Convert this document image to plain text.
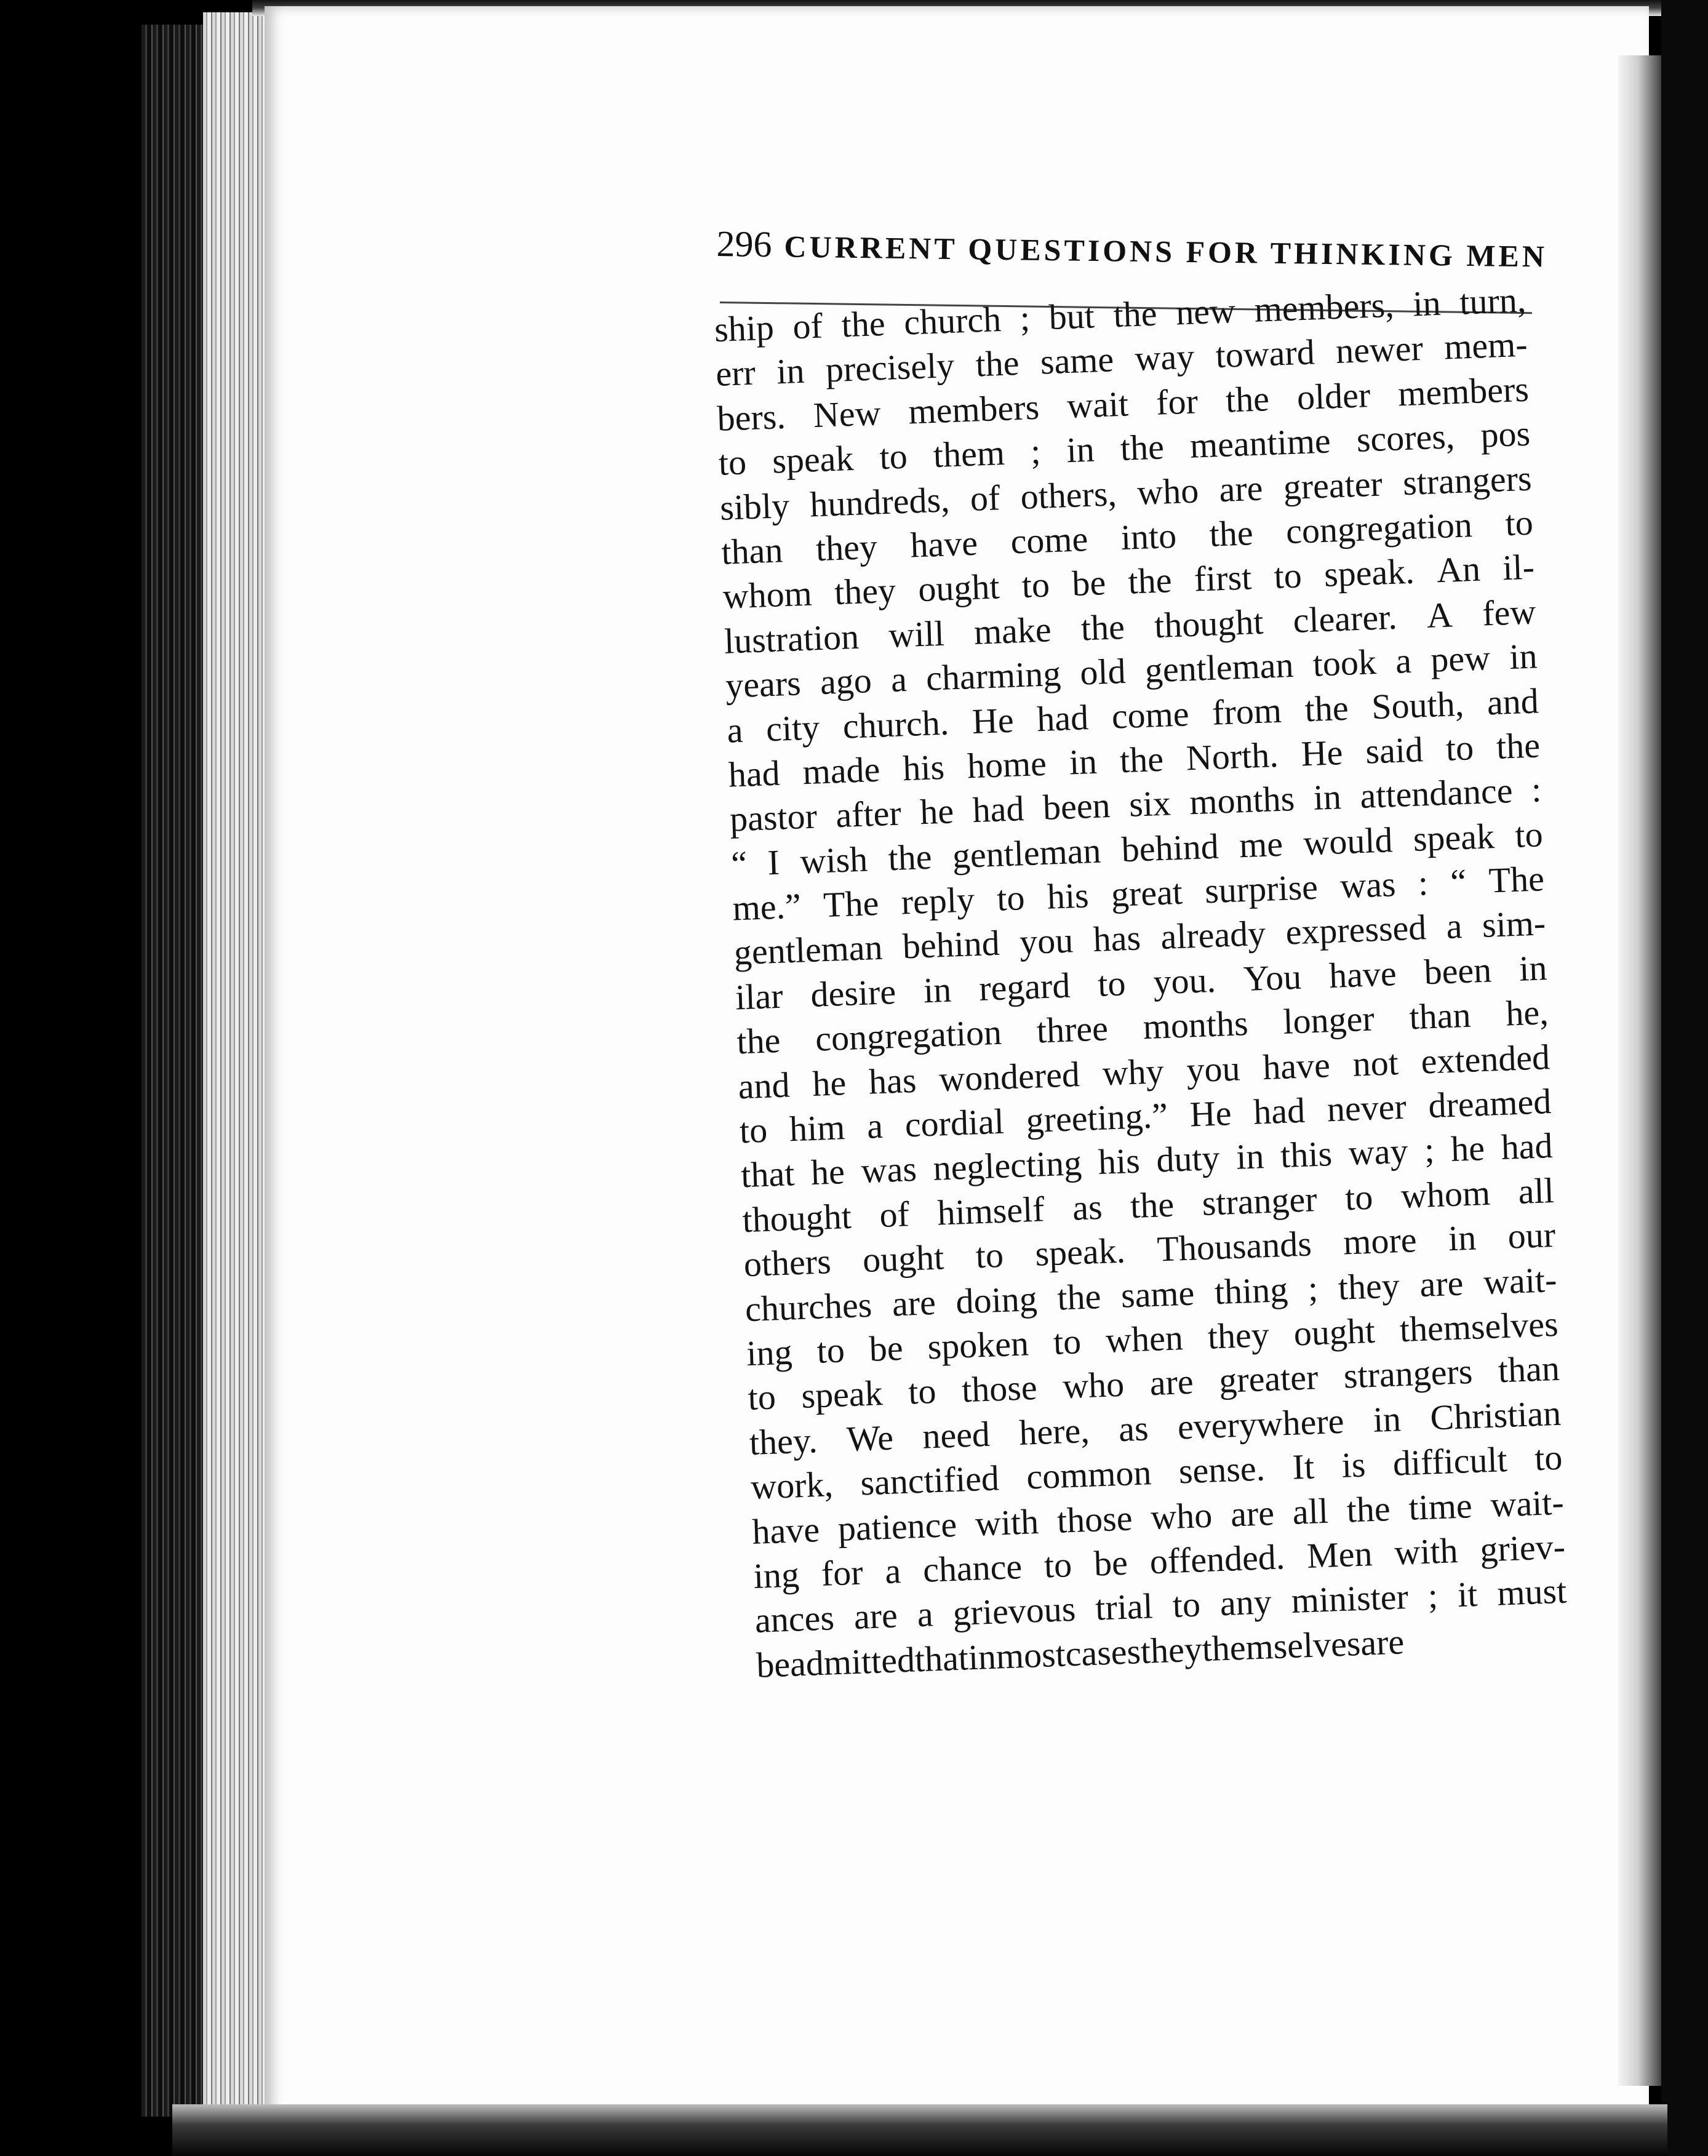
296 CURRENT QUESTIONS FOR THINKING MEN
ship of the church ; but the new members, in turn,
err in precisely the same way toward newer mem-
bers. New members wait for the older members
to speak to them ; in the meantime scores, pos
sibly hundreds, of others, who are greater strangers
than they have come into the congregation to
whom they ought to be the first to speak. An il-
lustration will make the thought clearer. A few
years ago a charming old gentleman took a pew in
a city church. He had come from the South, and
had made his home in the North. He said to the
pastor after he had been six months in attendance :
“ I wish the gentleman behind me would speak to
me.” The reply to his great surprise was : “ The
gentleman behind you has already expressed a sim-
ilar desire in regard to you. You have been in
the congregation three months longer than he,
and he has wondered why you have not extended
to him a cordial greeting.” He had never dreamed
that he was neglecting his duty in this way ; he had
thought of himself as the stranger to whom all
others ought to speak. Thousands more in our
churches are doing the same thing ; they are wait-
ing to be spoken to when they ought themselves
to speak to those who are greater strangers than
they. We need here, as everywhere in Christian
work, sanctified common sense. It is difficult to
have patience with those who are all the time wait-
ing for a chance to be offended. Men with griev-
ances are a grievous trial to any minister ; it must
be
admitted
that
in
most
cases
they
themselves
are
